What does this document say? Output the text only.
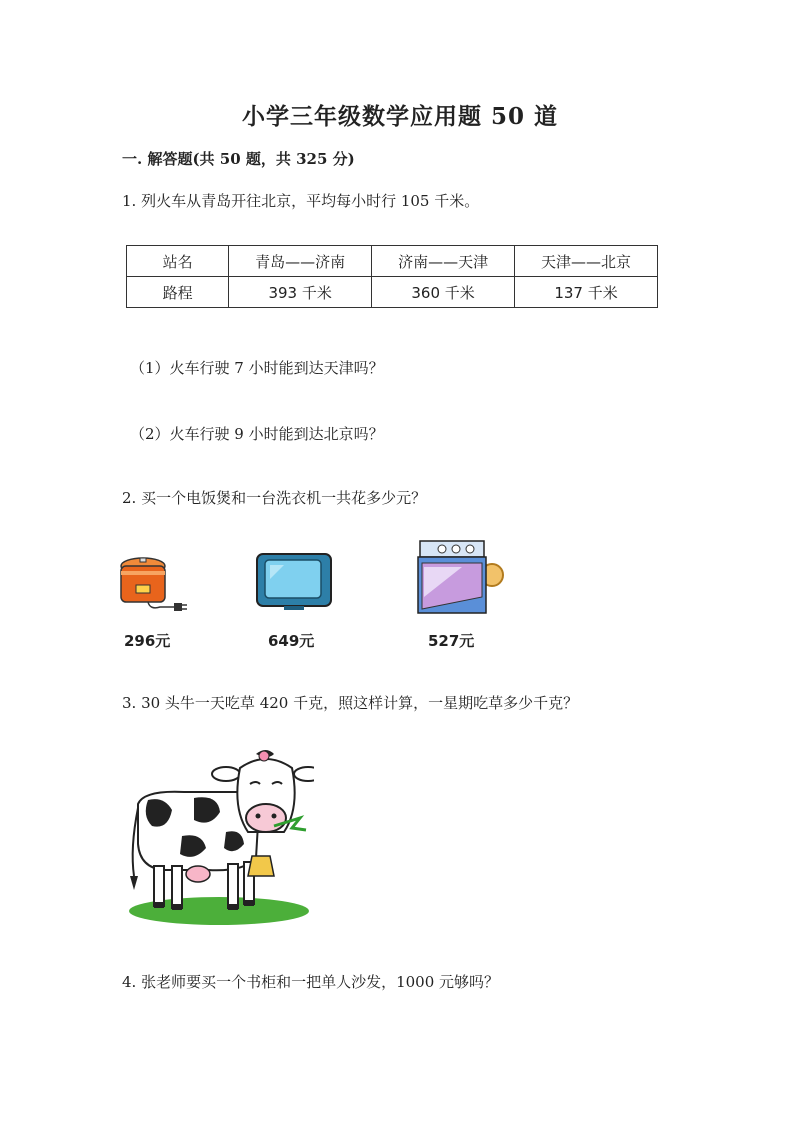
小学三年级数学应用题 50 道
一. 解答题(共 50 题，共 325 分)
1. 列火车从青岛开往北京，平均每小时行 105 千米。
站名	青岛——济南	济南——天津	天津——北京
路程	393 千米	360 千米	137 千米
（1）火车行驶 7 小时能到达天津吗？
（2）火车行驶 9 小时能到达北京吗？
2. 买一个电饭煲和一台洗衣机一共花多少元？
296元	649元	527元
3. 30 头牛一天吃草 420 千克，照这样计算，一星期吃草多少千克？
4. 张老师要买一个书柜和一把单人沙发，1000 元够吗？
